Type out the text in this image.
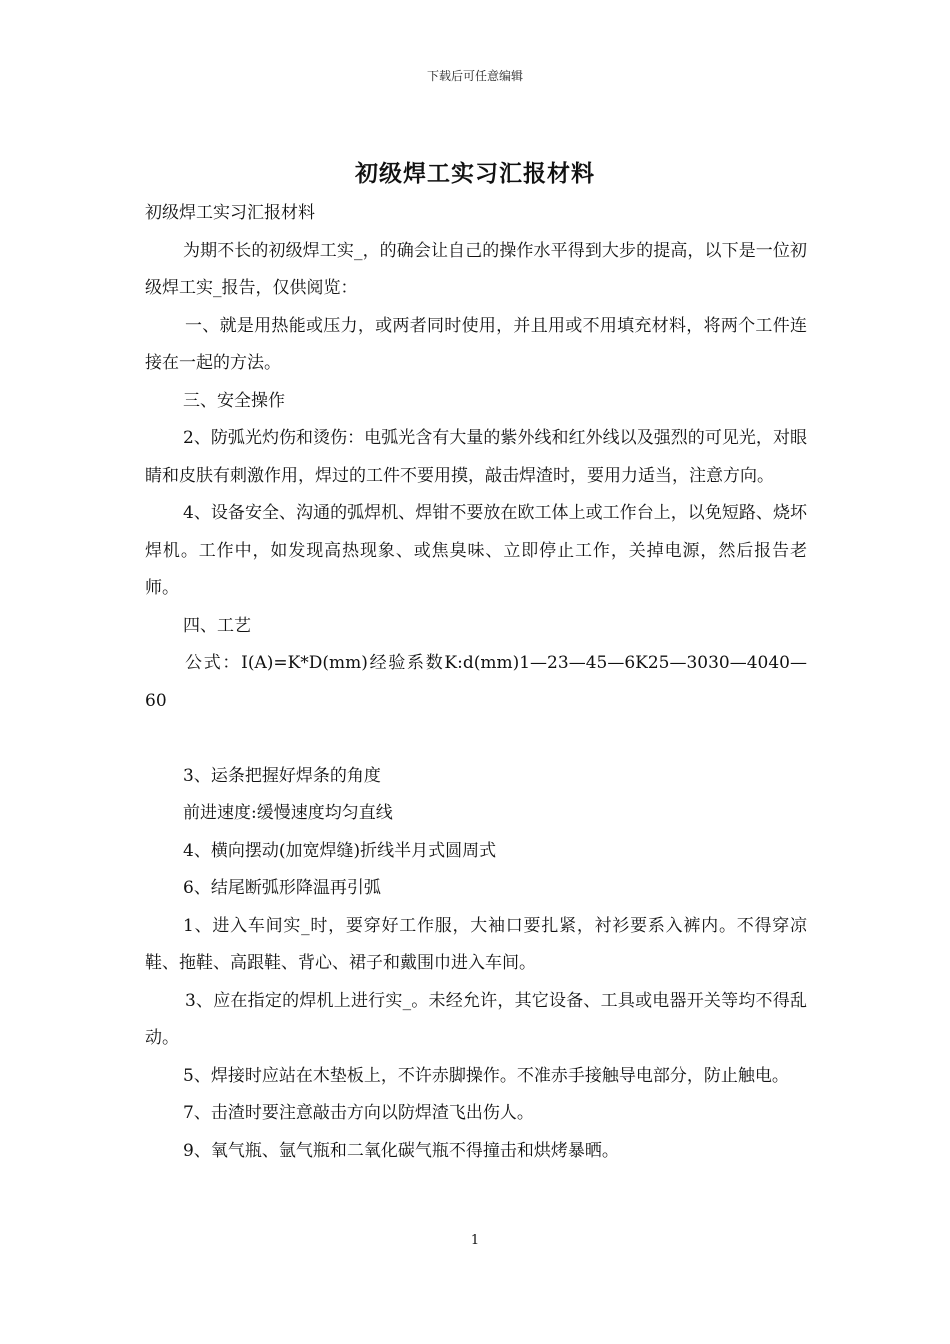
下载后可任意编辑
初级焊工实习汇报材料

初级焊工实习汇报材料

为期不长的初级焊工实_，的确会让自己的操作水平得到大步的提高，以下是一位初级焊工实_报告，仅供阅览：

一、就是用热能或压力，或两者同时使用，并且用或不用填充材料，将两个工件连接在一起的方法。

三、安全操作

2、防弧光灼伤和烫伤：电弧光含有大量的紫外线和红外线以及强烈的可见光，对眼睛和皮肤有刺激作用，焊过的工件不要用摸，敲击焊渣时，要用力适当，注意方向。

4、设备安全、沟通的弧焊机、焊钳不要放在欧工体上或工作台上，以免短路、烧坏焊机。工作中，如发现高热现象、或焦臭味、立即停止工作，关掉电源，然后报告老师。

四、工艺

公式：I(A)=K*D(mm)经验系数K:d(mm)1—23—45—6K25—3030—4040—60

3、运条把握好焊条的角度

前进速度:缓慢速度均匀直线

4、横向摆动(加宽焊缝)折线半月式圆周式

6、结尾断弧形降温再引弧

1、进入车间实_时，要穿好工作服，大袖口要扎紧，衬衫要系入裤内。不得穿凉鞋、拖鞋、高跟鞋、背心、裙子和戴围巾进入车间。

3、应在指定的焊机上进行实_。未经允许，其它设备、工具或电器开关等均不得乱动。

5、焊接时应站在木垫板上，不许赤脚操作。不准赤手接触导电部分，防止触电。

7、击渣时要注意敲击方向以防焊渣飞出伤人。

9、氧气瓶、氩气瓶和二氧化碳气瓶不得撞击和烘烤暴晒。

1
